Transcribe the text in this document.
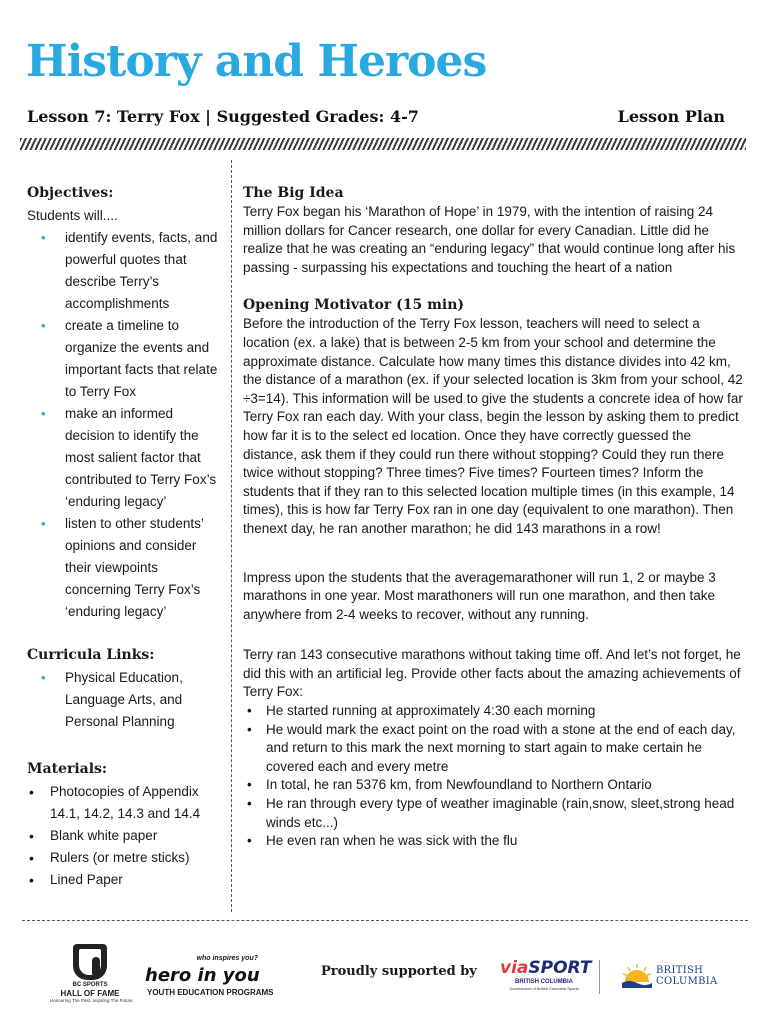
History and Heroes
Lesson 7: Terry Fox | Suggested Grades: 4-7	Lesson Plan
Objectives:

Students will....

• identify events, facts, and powerful quotes that describe Terry’s accomplishments
• create a timeline to organize the events and important facts that relate to Terry Fox
• make an informed decision to identify the most salient factor that contributed to Terry Fox’s ‘enduring legacy’
• listen to other students’ opinions and consider their viewpoints concerning Terry Fox’s ‘enduring legacy’
Curricula Links:
• Physical Education, Language Arts, and Personal Planning
Materials:
• Photocopies of Appendix 14.1, 14.2, 14.3 and 14.4
• Blank white paper
• Rulers (or metre sticks)
• Lined Paper
The Big Idea

Terry Fox began his ‘Marathon of Hope’ in 1979, with the intention of raising 24 million dollars for Cancer research, one dollar for every Canadian. Little did he realize that he was creating an “enduring legacy” that would continue long after his passing - surpassing his expectations and touching the heart of a nation

Opening Motivator (15 min)

Before the introduction of the Terry Fox lesson, teachers will need to select a location (ex. a lake) that is between 2-5 km from your school and determine the approximate distance. Calculate how many times this distance divides into 42 km, the distance of a marathon (ex. if your selected location is 3km from your school, 42 ÷3=14). This information will be used to give the students a concrete idea of how far Terry Fox ran each day. With your class, begin the lesson by asking them to predict how far it is to the select ed location. Once they have correctly guessed the distance, ask them if they could run there without stopping? Could they run there twice without stopping? Three times? Five times? Fourteen times? Inform the students that if they ran to this selected location multiple times (in this example, 14 times), this is how far Terry Fox ran in one day (equivalent to one marathon). Then thenext day, he ran another marathon; he did 143 marathons in a row!

Impress upon the students that the averagemarathoner will run 1, 2 or maybe 3 marathons in one year. Most marathoners will run one marathon, and then take anywhere from 2-4 weeks to recover, without any running.

Terry ran 143 consecutive marathons without taking time off. And let’s not forget, he did this with an artificial leg. Provide other facts about the amazing achievements of Terry Fox:

• He started running at approximately 4:30 each morning
• He would mark the exact point on the road with a stone at the end of each day, and return to this mark the next morning to start again to make certain he covered each and every metre
• In total, he ran 5376 km, from Newfoundland to Northern Ontario
• He ran through every type of weather imaginable (rain,snow, sleet,strong head winds etc...)
• He even ran when he was sick with the flu
BC SPORTS
HALL OF FAME
Honouring The Past. Inspiring The Future
who inspires you?
hero in you
YOUTH EDUCATION PROGRAMS
Proudly supported by viaSPORT
BRITISH COLUMBIA
Government of British Columbia Sports
BRITISH
COLUMBIA
